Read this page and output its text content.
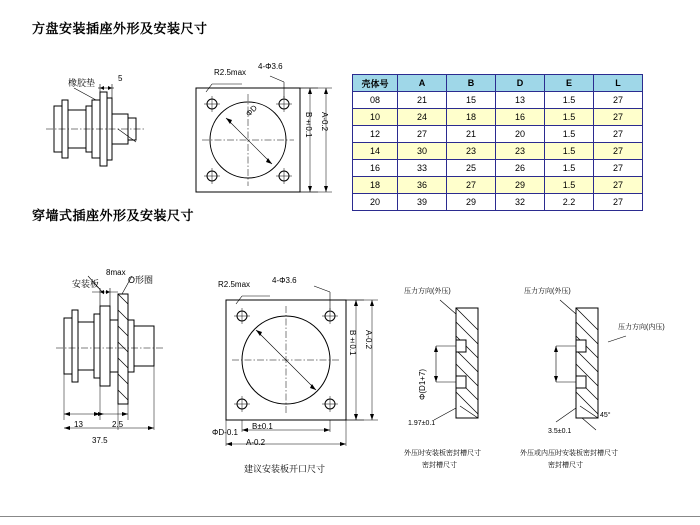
方盘安装插座外形及安装尺寸
橡胶垫	5
R2.5max
4-Φ3.6
ΦD
B±0.1 A-0.2
壳体号	A	B	D	E	L
08	21	15	13	1.5	27
10	24	18	16	1.5	27
12	27	21	20	1.5	27
14	30	23	23	1.5	27
16	33	25	26	1.5	27
18	36	27	29	1.5	27
20	39	29	32	2.2	27
穿墙式插座外形及安装尺寸
8max
安装板	O形圈
13	2.5
37.5
R2.5max	4-Φ3.6
B±0.1 A-0.2
B±0.1
A-0.2
ΦD-0.1
建议安装板开口尺寸
压力方向(外压)
Φ(D1+7)
1.97±0.1
外压时安装板密封槽尺寸
密封槽尺寸
压力方向(外压)
压力方向(内压)
3.5±0.1
45°
外压或内压时安装板密封槽尺寸
密封槽尺寸
